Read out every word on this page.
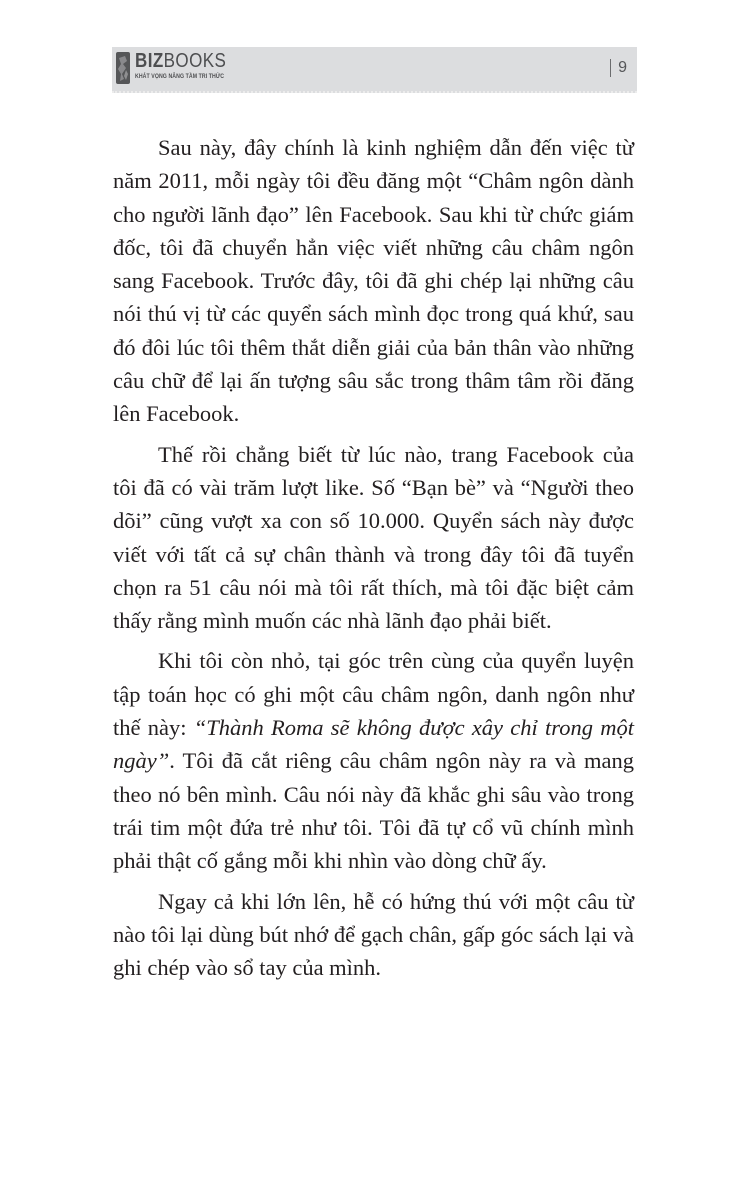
BIZBOOKS
KHÁT VỌNG NÂNG TẦM TRI THỨC
9

Sau này, đây chính là kinh nghiệm dẫn đến việc từ năm 2011, mỗi ngày tôi đều đăng một “Châm ngôn dành cho người lãnh đạo” lên Facebook. Sau khi từ chức giám đốc, tôi đã chuyển hẳn việc viết những câu châm ngôn sang Facebook. Trước đây, tôi đã ghi chép lại những câu nói thú vị từ các quyển sách mình đọc trong quá khứ, sau đó đôi lúc tôi thêm thắt diễn giải của bản thân vào những câu chữ để lại ấn tượng sâu sắc trong thâm tâm rồi đăng lên Facebook.

Thế rồi chẳng biết từ lúc nào, trang Facebook của tôi đã có vài trăm lượt like. Số “Bạn bè” và “Người theo dõi” cũng vượt xa con số 10.000. Quyển sách này được viết với tất cả sự chân thành và trong đây tôi đã tuyển chọn ra 51 câu nói mà tôi rất thích, mà tôi đặc biệt cảm thấy rằng mình muốn các nhà lãnh đạo phải biết.

Khi tôi còn nhỏ, tại góc trên cùng của quyển luyện tập toán học có ghi một câu châm ngôn, danh ngôn như thế này: “Thành Roma sẽ không được xây chỉ trong một ngày”. Tôi đã cắt riêng câu châm ngôn này ra và mang theo nó bên mình. Câu nói này đã khắc ghi sâu vào trong trái tim một đứa trẻ như tôi. Tôi đã tự cổ vũ chính mình phải thật cố gắng mỗi khi nhìn vào dòng chữ ấy.

Ngay cả khi lớn lên, hễ có hứng thú với một câu từ nào tôi lại dùng bút nhớ để gạch chân, gấp góc sách lại và ghi chép vào sổ tay của mình.
